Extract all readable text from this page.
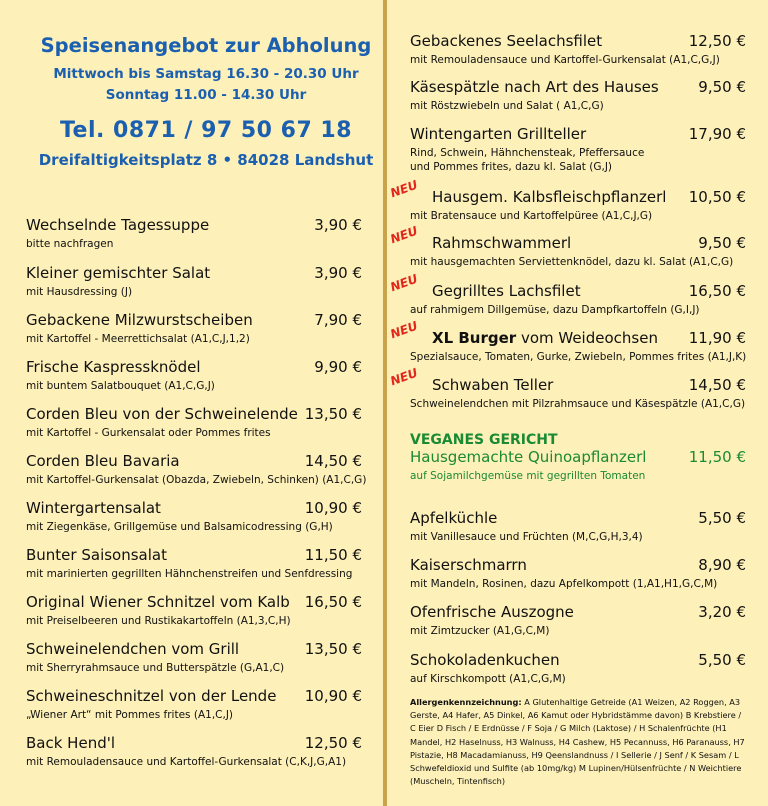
Speisenangebot zur Abholung
Mittwoch bis Samstag 16.30 - 20.30 Uhr
Sonntag 11.00 - 14.30 Uhr
Tel. 0871 / 97 50 67 18
Dreifaltigkeitsplatz 8 • 84028 Landshut
Wechselnde Tagessuppe	3,90 €
bitte nachfragen
Kleiner gemischter Salat	3,90 €
mit Hausdressing (J)
Gebackene Milzwurstscheiben	7,90 €
mit Kartoffel - Meerrettichsalat (A1,C,J,1,2)
Frische Kaspressknödel	9,90 €
mit buntem Salatbouquet (A1,C,G,J)
Corden Bleu von der Schweinelende 13,50 €
mit Kartoffel - Gurkensalat oder Pommes frites
Corden Bleu Bavaria	14,50 €
mit Kartoffel-Gurkensalat (Obazda, Zwiebeln, Schinken) (A1,C,G)
Wintergartensalat	10,90 €
mit Ziegenkäse, Grillgemüse und Balsamicodressing (G,H)
Bunter Saisonsalat	11,50 €
mit marinierten gegrillten Hähnchenstreifen und Senfdressing
Original Wiener Schnitzel vom Kalb 16,50 €
mit Preiselbeeren und Rustikakartoffeln (A1,3,C,H)
Schweinelendchen vom Grill	13,50 €
mit Sherryrahmsauce und Butterspätzle (G,A1,C)
Schweineschnitzel von der Lende 10,90 €
„Wiener Art“ mit Pommes frites (A1,C,J)
Back Hend'l	12,50 €
mit Remouladensauce und Kartoffel-Gurkensalat (C,K,J,G,A1)
Gebackenes Seelachsfilet	12,50 €
mit Remouladensauce und Kartoffel-Gurkensalat (A1,C,G,J)
Käsespätzle nach Art des Hauses	9,50 €
mit Röstzwiebeln und Salat ( A1,C,G)
Wintengarten Grillteller	17,90 €
Rind, Schwein, Hähnchensteak, Pfeffersauce
und Pommes frites, dazu kl. Salat (G,J)
NEU Hausgem. Kalbsfleischpflanzerl 10,50 €
mit Bratensauce und Kartoffelpüree (A1,C,J,G)
NEU Rahmschwammerl	9,50 €
mit hausgemachten Serviettenknödel, dazu kl. Salat (A1,C,G)
NEU Gegrilltes Lachsfilet	16,50 €
auf rahmigem Dillgemüse, dazu Dampfkartoffeln (G,I,J)
NEU XL Burger vom Weideochsen 11,90 €
Spezialsauce, Tomaten, Gurke, Zwiebeln, Pommes frites (A1,J,K)
NEU Schwaben Teller	14,50 €
Schweinelendchen mit Pilzrahmsauce und Käsespätzle (A1,C,G)
VEGANES GERICHT
Hausgemachte Quinoapflanzerl	11,50 €
auf Sojamilchgemüse mit gegrillten Tomaten
Apfelküchle	5,50 €
mit Vanillesauce und Früchten (M,C,G,H,3,4)
Kaiserschmarrn	8,90 €
mit Mandeln, Rosinen, dazu Apfelkompott (1,A1,H1,G,C,M)
Ofenfrische Auszogne	3,20 €
mit Zimtzucker (A1,G,C,M)
Schokoladenkuchen	5,50 €
auf Kirschkompott (A1,C,G,M)
Allergenkennzeichnung: A Glutenhaltige Getreide (A1 Weizen, A2 Roggen, A3 Gerste, A4 Hafer, A5 Dinkel, A6 Kamut oder Hybridstämme davon) B Krebstiere / C Eier D Fisch / E Erdnüsse / F Soja / G Milch (Laktose) / H Schalenfrüchte (H1 Mandel, H2 Haselnuss, H3 Walnuss, H4 Cashew, H5 Pecannuss, H6 Paranauss, H7 Pistazie, H8 Macadamianuss, H9 Qeenslandnuss / I Sellerie / J Senf / K Sesam / L Schwefeldioxid und Sulfite (ab 10mg/kg) M Lupinen/Hülsenfrüchte / N Weichtiere (Muscheln, Tintenfisch)
